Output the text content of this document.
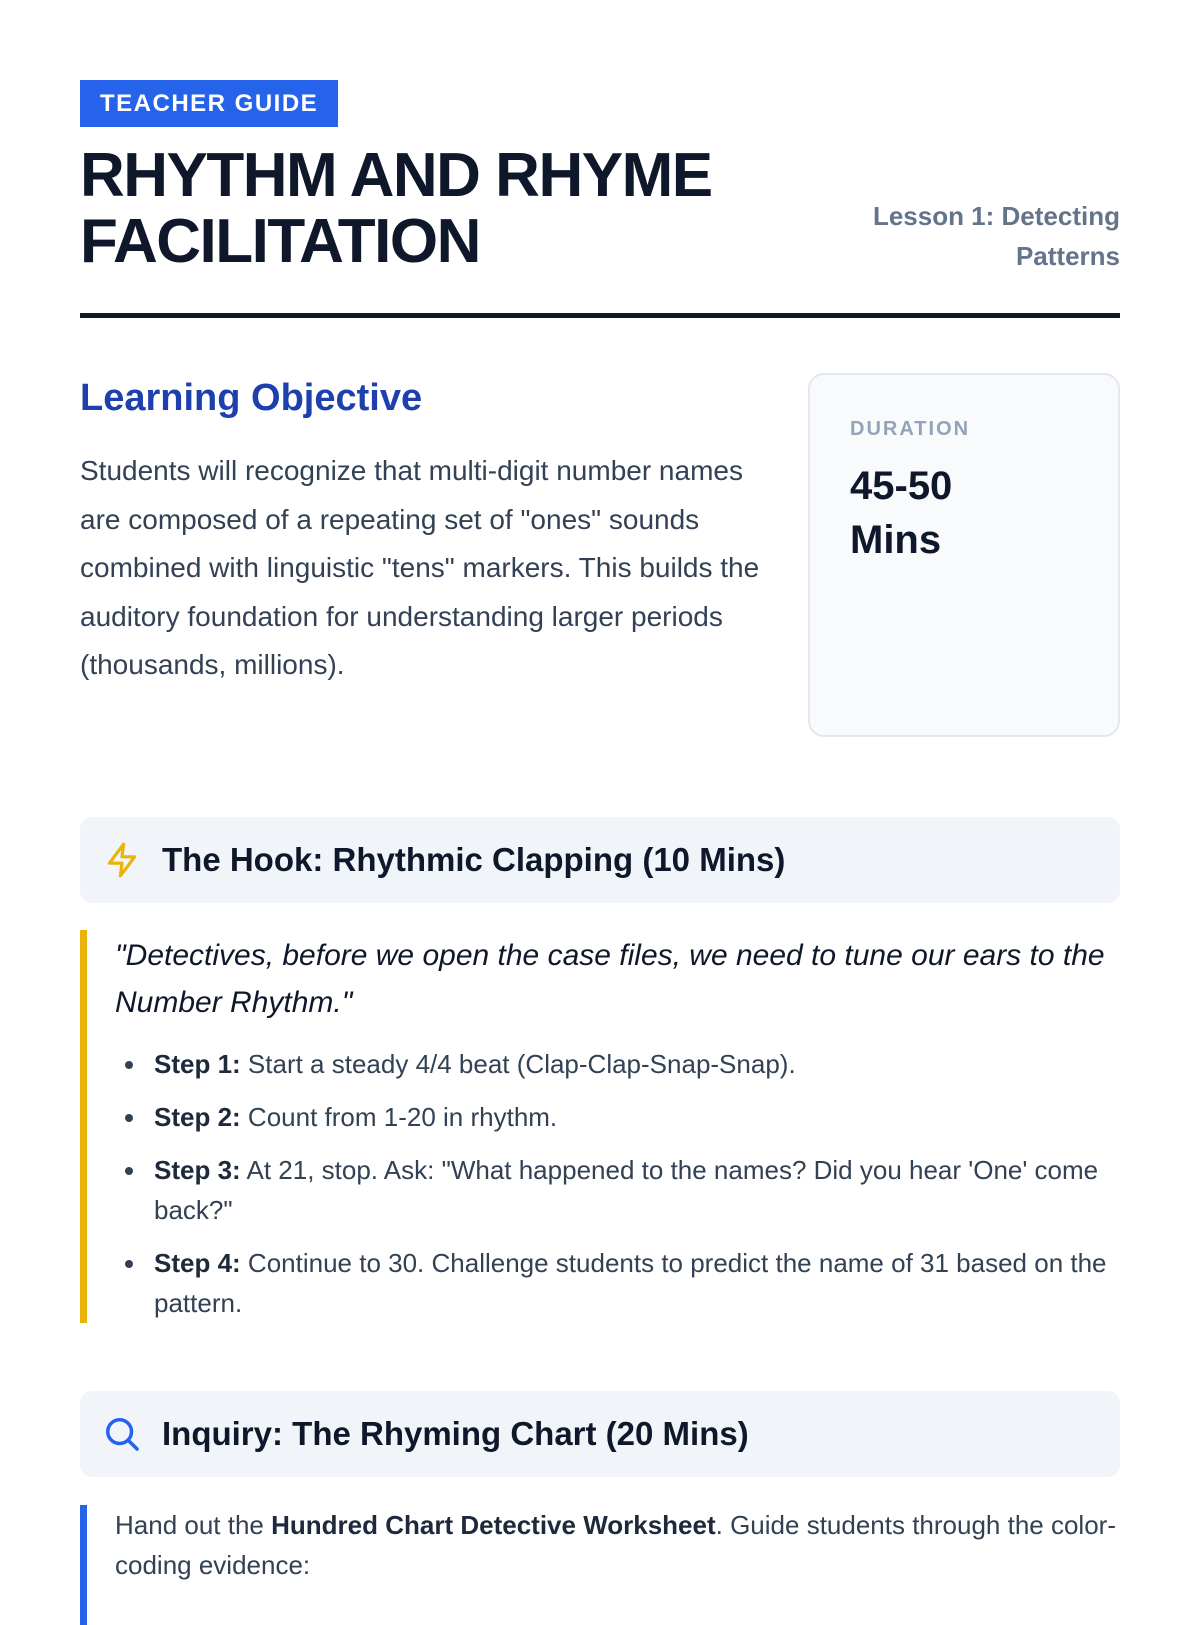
TEACHER GUIDE
RHYTHM AND RHYME FACILITATION	Lesson 1: Detecting Patterns
Learning Objective

Students will recognize that multi-digit number names are composed of a repeating set of "ones" sounds combined with linguistic "tens" markers. This builds the auditory foundation for understanding larger periods (thousands, millions).

DURATION
45-50 Mins
The Hook: Rhythmic Clapping (10 Mins)

"Detectives, before we open the case files, we need to tune our ears to the Number Rhythm."

Step 1: Start a steady 4/4 beat (Clap-Clap-Snap-Snap).
Step 2: Count from 1-20 in rhythm.
Step 3: At 21, stop. Ask: "What happened to the names? Did you hear 'One' come back?"
Step 4: Continue to 30. Challenge students to predict the name of 31 based on the pattern.
Inquiry: The Rhyming Chart (20 Mins)

Hand out the Hundred Chart Detective Worksheet. Guide students through the color-coding evidence:
